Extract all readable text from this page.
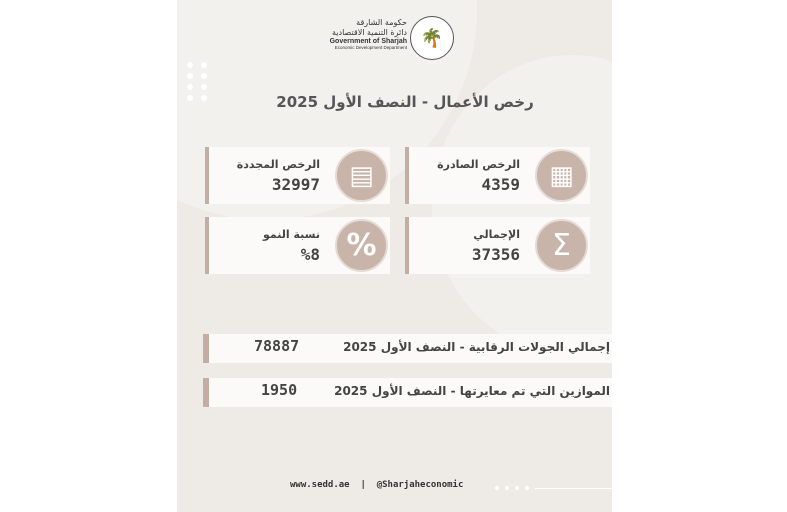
🌴
حكومة الشارقة
دائرة التنمية الاقتصادية
Government of Sharjah
Economic Development Department
رخص الأعمال - النصف الأول 2025
الرخص المجددة
32997 ▤	الرخص الصادرة
4359 ▦
نسبة النمو
%8 %	الإجمالي
37356 Σ
إجمالي الجولات الرقابية - النصف الأول 2025
78887
الموازين التي تم معايرتها - النصف الأول 2025
1950
www.sedd.ae  |  @Sharjaheconomic
